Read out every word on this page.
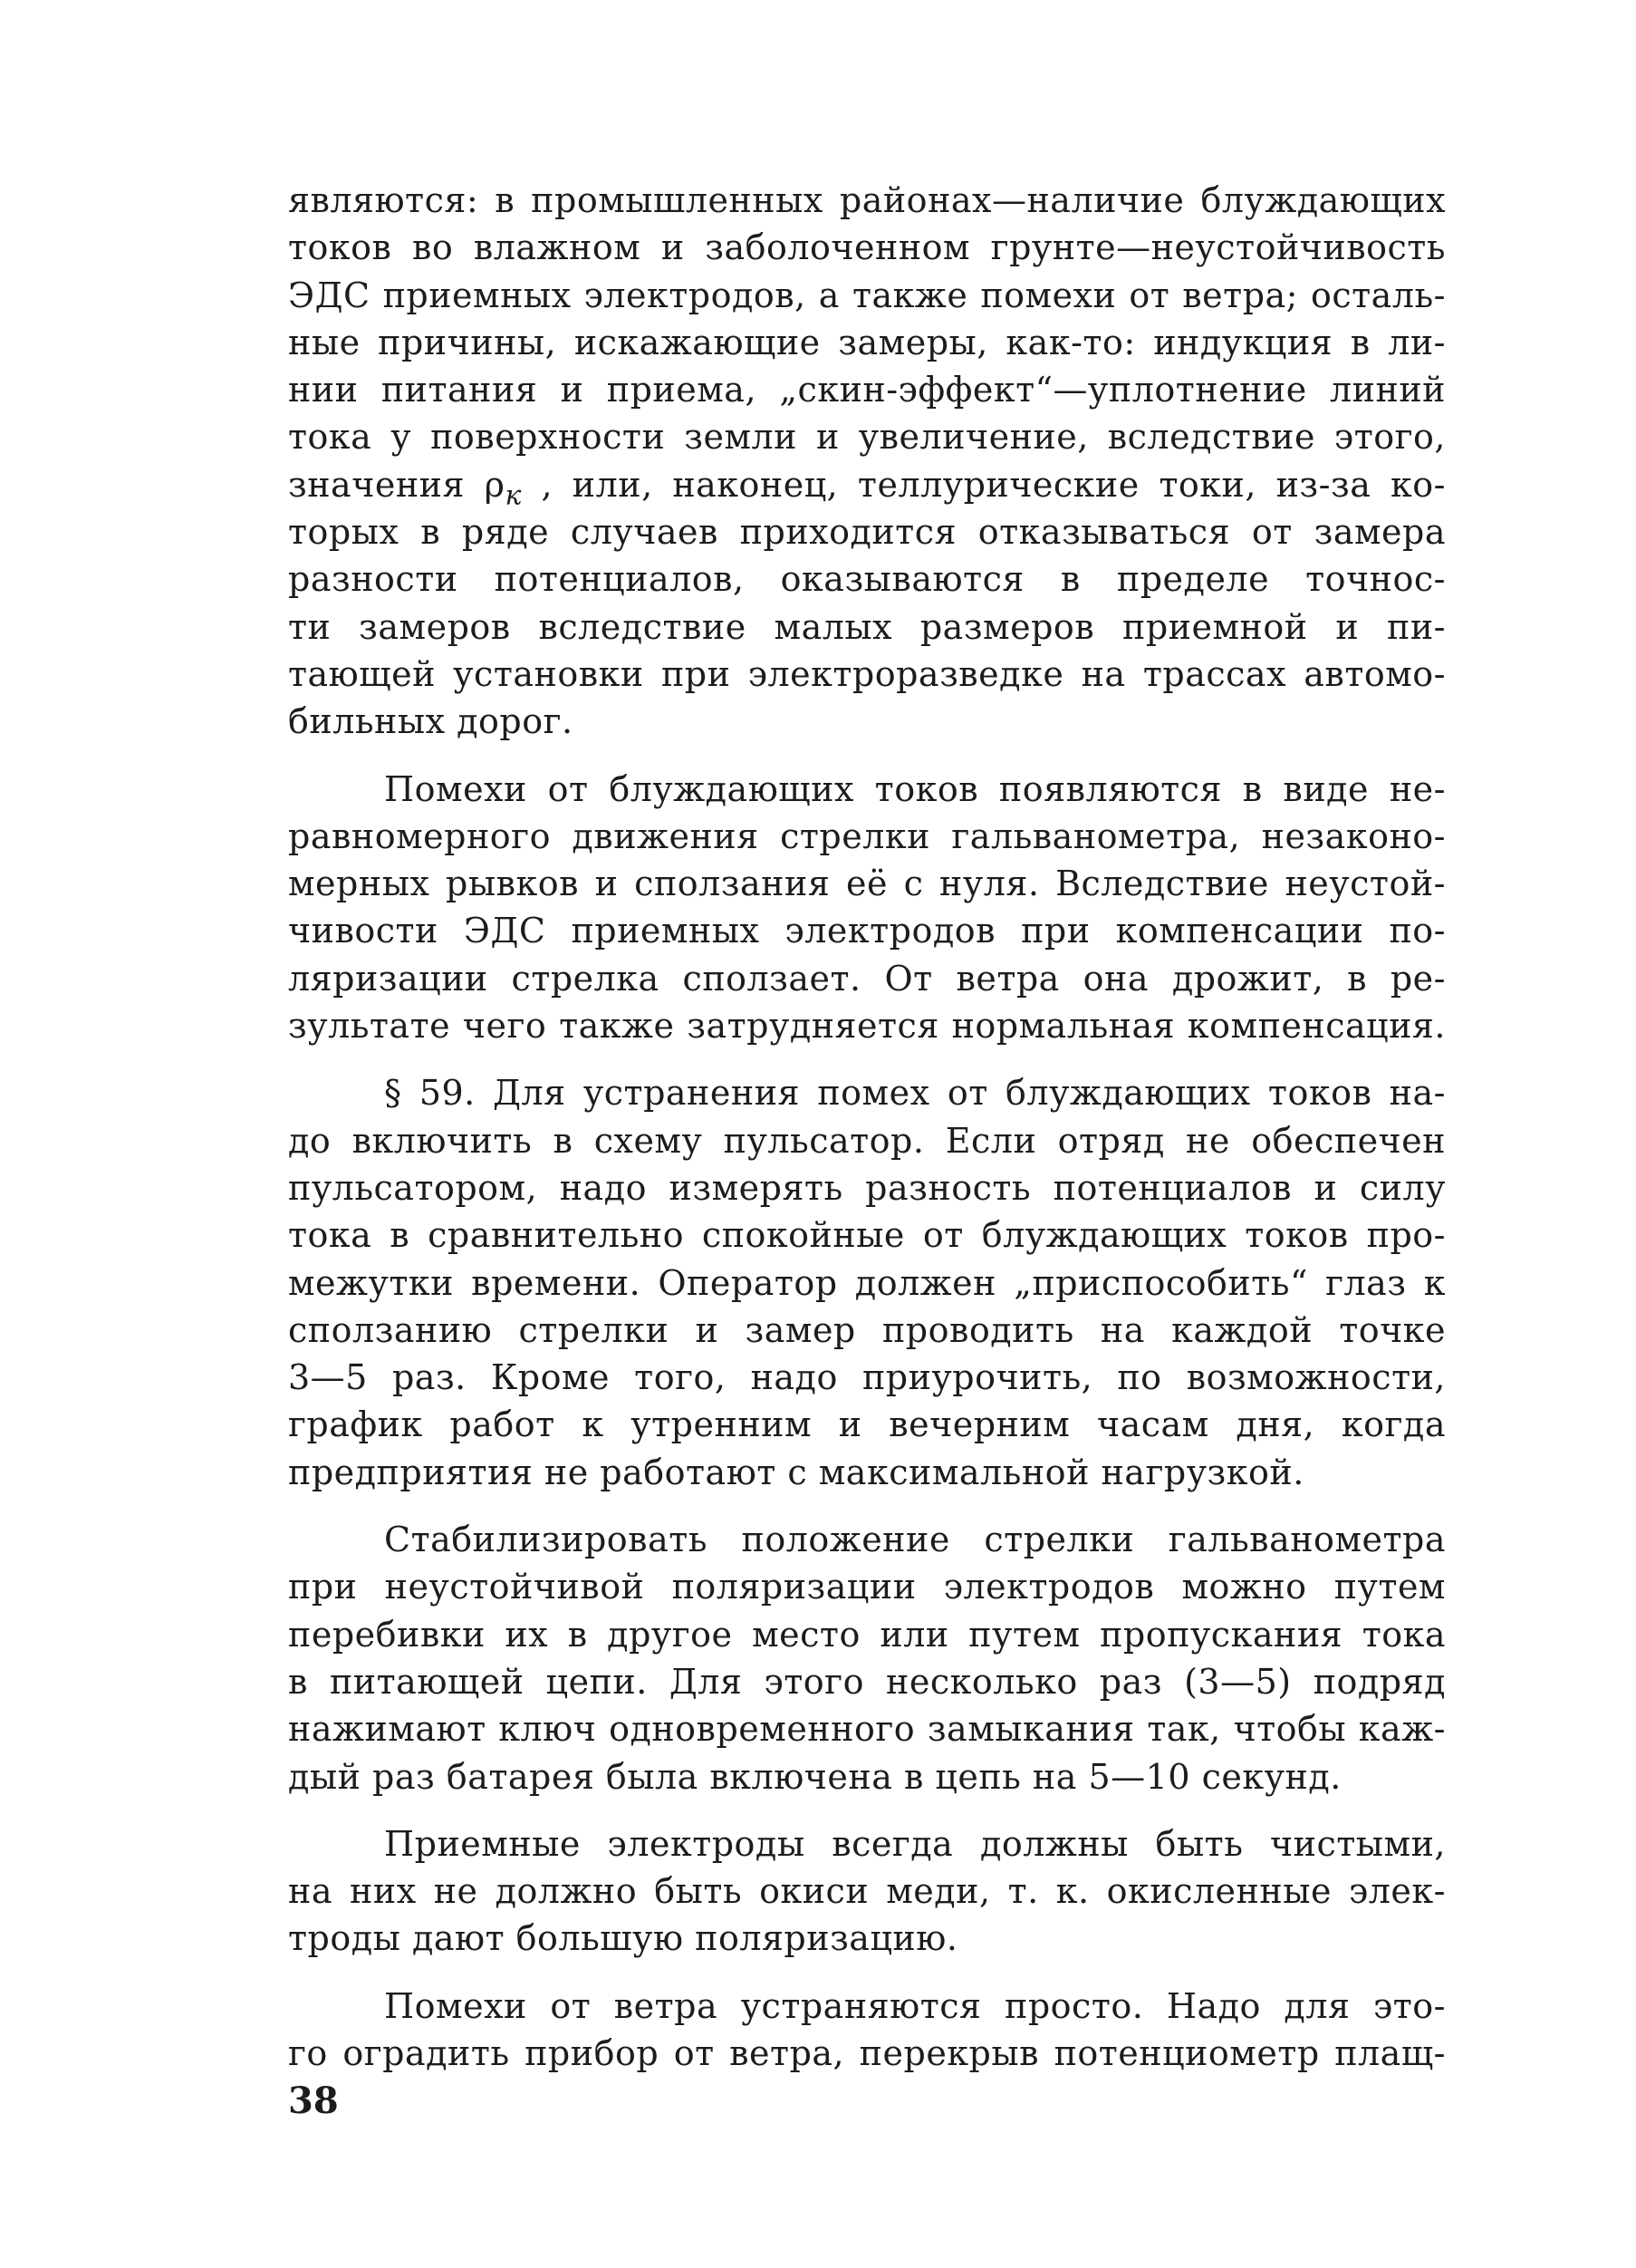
являются: в промышленных районах—наличие блуждающих
токов во влажном и заболоченном грунте—неустойчивость
ЭДС приемных электродов, а также помехи от ветра; осталь-
ные причины, искажающие замеры, как-то: индукция в ли-
нии питания и приема, „скин-эффект“—уплотнение линий
тока у поверхности земли и увеличение, вследствие этого,
значения $\rho_к$ , или, наконец, теллурические токи, из-за ко-
торых в ряде случаев приходится отказываться от замера
разности потенциалов, оказываются в пределе точнос-
ти замеров вследствие малых размеров приемной и пи-
тающей установки при электроразведке на трассах автомо-
бильных дорог.
Помехи от блуждающих токов появляются в виде не-
равномерного движения стрелки гальванометра, незаконо-
мерных рывков и сползания её с нуля. Вследствие неустой-
чивости ЭДС приемных электродов при компенсации по-
ляризации стрелка сползает. От ветра она дрожит, в ре-
зультате чего также затрудняется нормальная компенсация.
§ 59. Для устранения помех от блуждающих токов на-
до включить в схему пульсатор. Если отряд не обеспечен
пульсатором, надо измерять разность потенциалов и силу
тока в сравнительно спокойные от блуждающих токов про-
межутки времени. Оператор должен „приспособить“ глаз к
сползанию стрелки и замер проводить на каждой точке
3—5 раз. Кроме того, надо приурочить, по возможности,
график работ к утренним и вечерним часам дня, когда
предприятия не работают с максимальной нагрузкой.
Стабилизировать положение стрелки гальванометра
при неустойчивой поляризации электродов можно путем
перебивки их в другое место или путем пропускания тока
в питающей цепи. Для этого несколько раз (3—5) подряд
нажимают ключ одновременного замыкания так, чтобы каж-
дый раз батарея была включена в цепь на 5—10 секунд.
Приемные электроды всегда должны быть чистыми,
на них не должно быть окиси меди, т. к. окисленные элек-
троды дают большую поляризацию.
Помехи от ветра устраняются просто. Надо для это-
го оградить прибор от ветра, перекрыв потенциометр плащ-
38
